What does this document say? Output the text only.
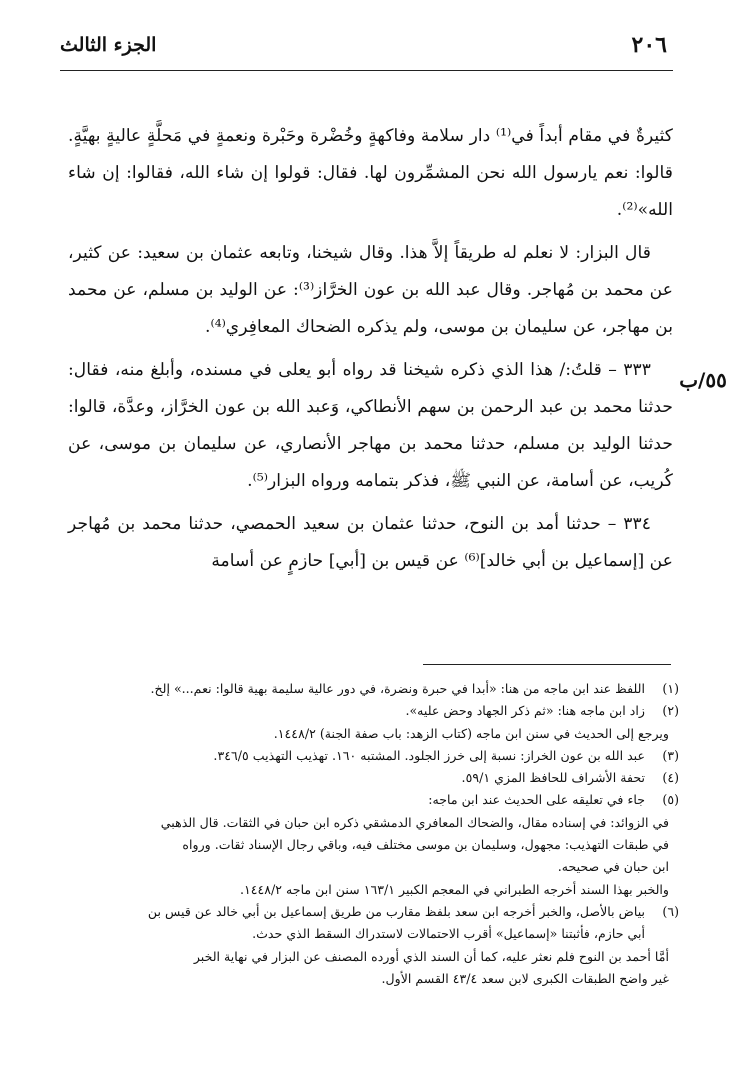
٢٠٦
الجزء الثالث
٥٥/ب

كثيرةٌ في مقام أبداً في⁽¹⁾ دار سلامة وفاكهةٍ وخُضْرة وحَبْرة ونعمةٍ في مَحلَّةٍ عاليةٍ بهيَّةٍ. قالوا: نعم يارسول الله نحن المشمِّرون لها. فقال: قولوا إن شاء الله، فقالوا: إن شاء الله»⁽²⁾.

قال البزار: لا نعلم له طريقاً إلاَّ هذا. وقال شيخنا، وتابعه عثمان بن سعيد: عن كثير، عن محمد بن مُهاجر. وقال عبد الله بن عون الخرَّاز⁽³⁾: عن الوليد بن مسلم، عن محمد بن مهاجر، عن سليمان بن موسى، ولم يذكره الضحاك المعافِري⁽⁴⁾.

٣٣٣ – قلتُ:/ هذا الذي ذكره شيخنا قد رواه أبو يعلى في مسنده، وأبلغ منه، فقال: حدثنا محمد بن عبد الرحمن بن سهم الأنطاكي، وَعبد الله بن عون الخرَّاز، وعدَّة، قالوا: حدثنا الوليد بن مسلم، حدثنا محمد بن مهاجر الأنصاري، عن سليمان بن موسى، عن كُريب، عن أسامة، عن النبي ﷺ، فذكر بتمامه ورواه البزار⁽⁵⁾.

٣٣٤ – حدثنا أمد بن النوح، حدثنا عثمان بن سعيد الحمصي، حدثنا محمد بن مُهاجر عن [إسماعيل بن أبي خالد]⁽⁶⁾ عن قيس بن [أبي] حازمٍ عن أسامة

(١)
اللفظ عند ابن ماجه من هنا: «أبدا في حبرة ونضرة، في دور عالية سليمة بهية قالوا: نعم...» إلخ.
(٢)
زاد ابن ماجه هنا: «ثم ذكر الجهاد وحض عليه».
ويرجع إلى الحديث في سنن ابن ماجه (كتاب الزهد: باب صفة الجنة) ١٤٤٨/٢.
(٣)
عبد الله بن عون الخراز: نسبة إلى خرز الجلود. المشتبه ١٦٠. تهذيب التهذيب ٣٤٦/٥.
(٤)
تحفة الأشراف للحافظ المزي ٥٩/١.
(٥)
جاء في تعليقه على الحديث عند ابن ماجه:
في الزوائد: في إسناده مقال، والضحاك المعافري الدمشقي ذكره ابن حبان في الثقات. قال الذهبي
في طبقات التهذيب: مجهول، وسليمان بن موسى مختلف فيه، وباقي رجال الإسناد ثقات. ورواه
ابن حبان في صحيحه.
والخبر بهذا السند أخرجه الطبراني في المعجم الكبير ١٦٣/١ سنن ابن ماجه ١٤٤٨/٢.
(٦)
بياض بالأصل، والخبر أخرجه ابن سعد بلفظ مقارب من طريق إسماعيل بن أبي خالد عن قيس بن
أبي حازم، فأثبتنا «إسماعيل» أقرب الاحتمالات لاستدراك السقط الذي حدث.
أمَّا أحمد بن النوح فلم نعثر عليه، كما أن السند الذي أورده المصنف عن البزار في نهاية الخبر
غير واضح الطبقات الكبرى لابن سعد ٤٣/٤ القسم الأول.
